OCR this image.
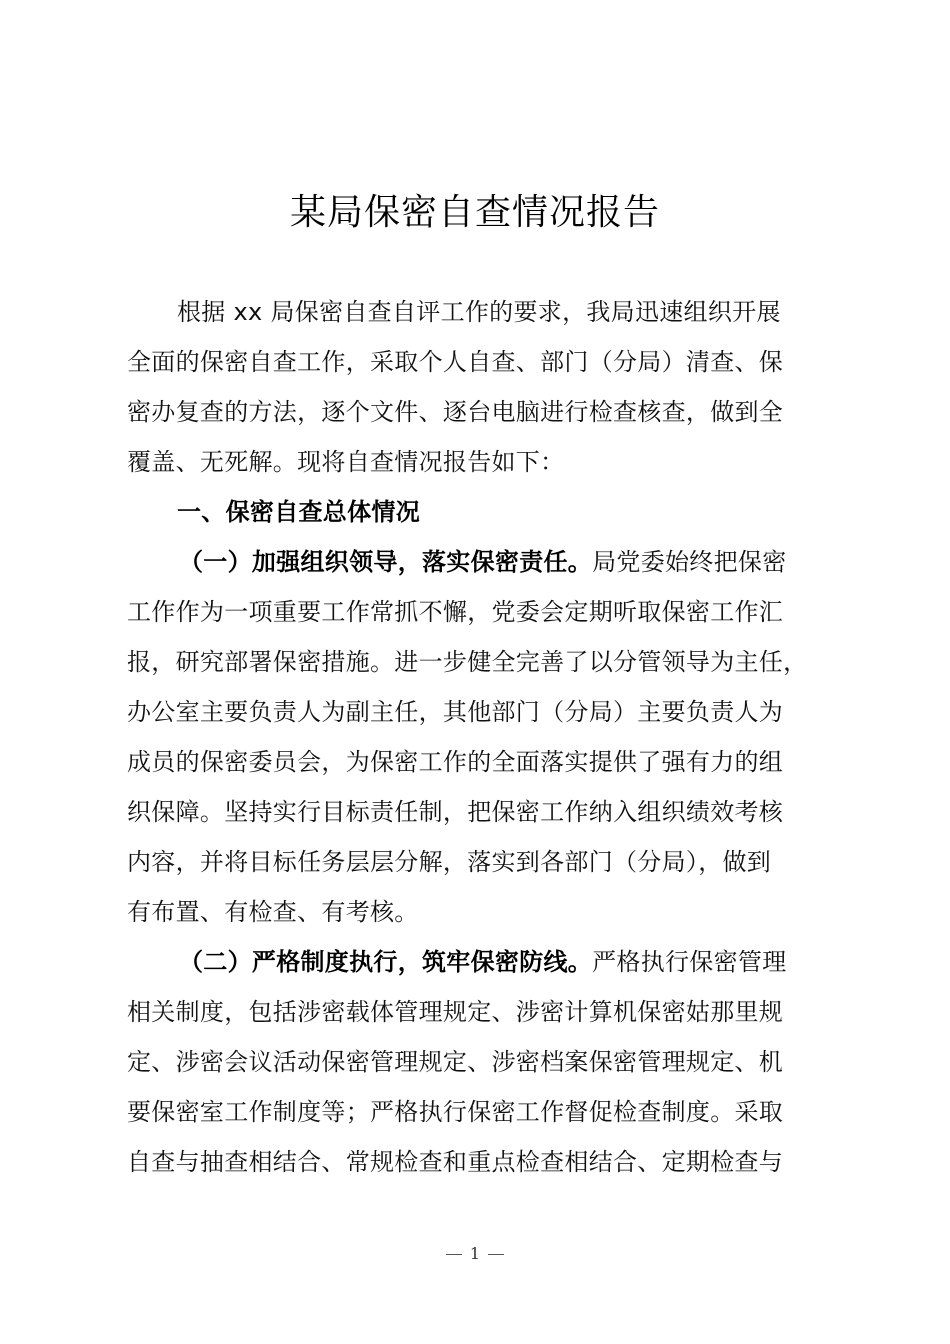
某局保密自查情况报告
根据 xx 局保密自查自评工作的要求，我局迅速组织开展
全面的保密自查工作，采取个人自查、部门（分局）清查、保
密办复查的方法，逐个文件、逐台电脑进行检查核查，做到全
覆盖、无死解。现将自查情况报告如下：
一、保密自查总体情况
（一）加强组织领导，落实保密责任。局党委始终把保密
工作作为一项重要工作常抓不懈，党委会定期听取保密工作汇
报，研究部署保密措施。进一步健全完善了以分管领导为主任，
办公室主要负责人为副主任，其他部门（分局）主要负责人为
成员的保密委员会，为保密工作的全面落实提供了强有力的组
织保障。坚持实行目标责任制，把保密工作纳入组织绩效考核
内容，并将目标任务层层分解，落实到各部门（分局），做到
有布置、有检查、有考核。
（二）严格制度执行，筑牢保密防线。严格执行保密管理
相关制度，包括涉密载体管理规定、涉密计算机保密姑那里规
定、涉密会议活动保密管理规定、涉密档案保密管理规定、机
要保密室工作制度等；严格执行保密工作督促检查制度。采取
自查与抽查相结合、常规检查和重点检查相结合、定期检查与
1
